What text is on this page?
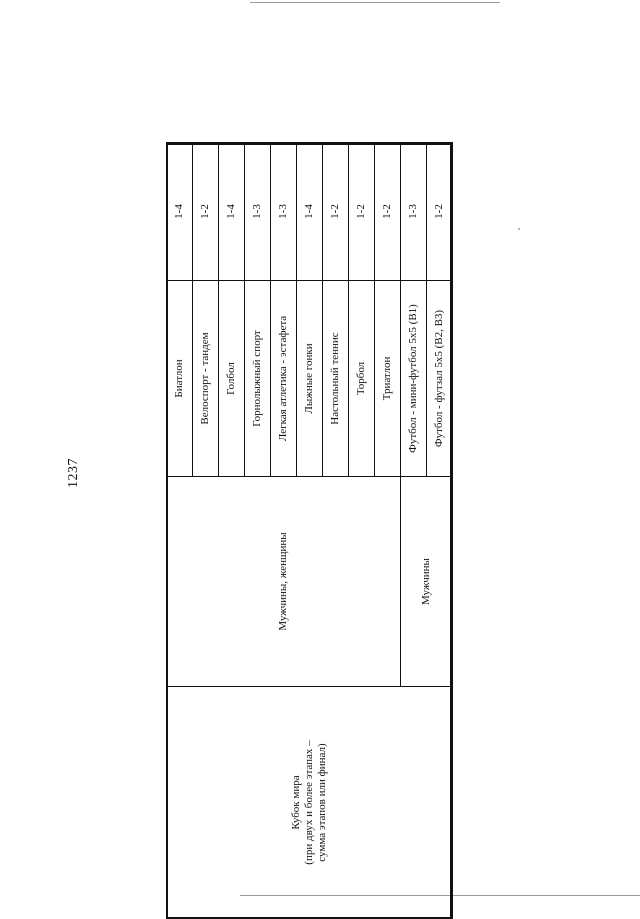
1237
Кубок мира (при двух и более этапах – сумма этапов или финал)	Мужчины, женщины	Биатлон	1-4
		Велоспорт - тандем	1-2
		Голбол	1-4
		Горнолыжный спорт	1-3
		Легкая атлетика - эстафета	1-3
		Лыжные гонки	1-4
		Настольный теннис	1-2
		Торбол	1-2
		Триатлон	1-2
	Мужчины	Футбол - мини-футбол 5х5 (В1)	1-3
		Футбол - футзал 5х5 (В2, В3)	1-2
